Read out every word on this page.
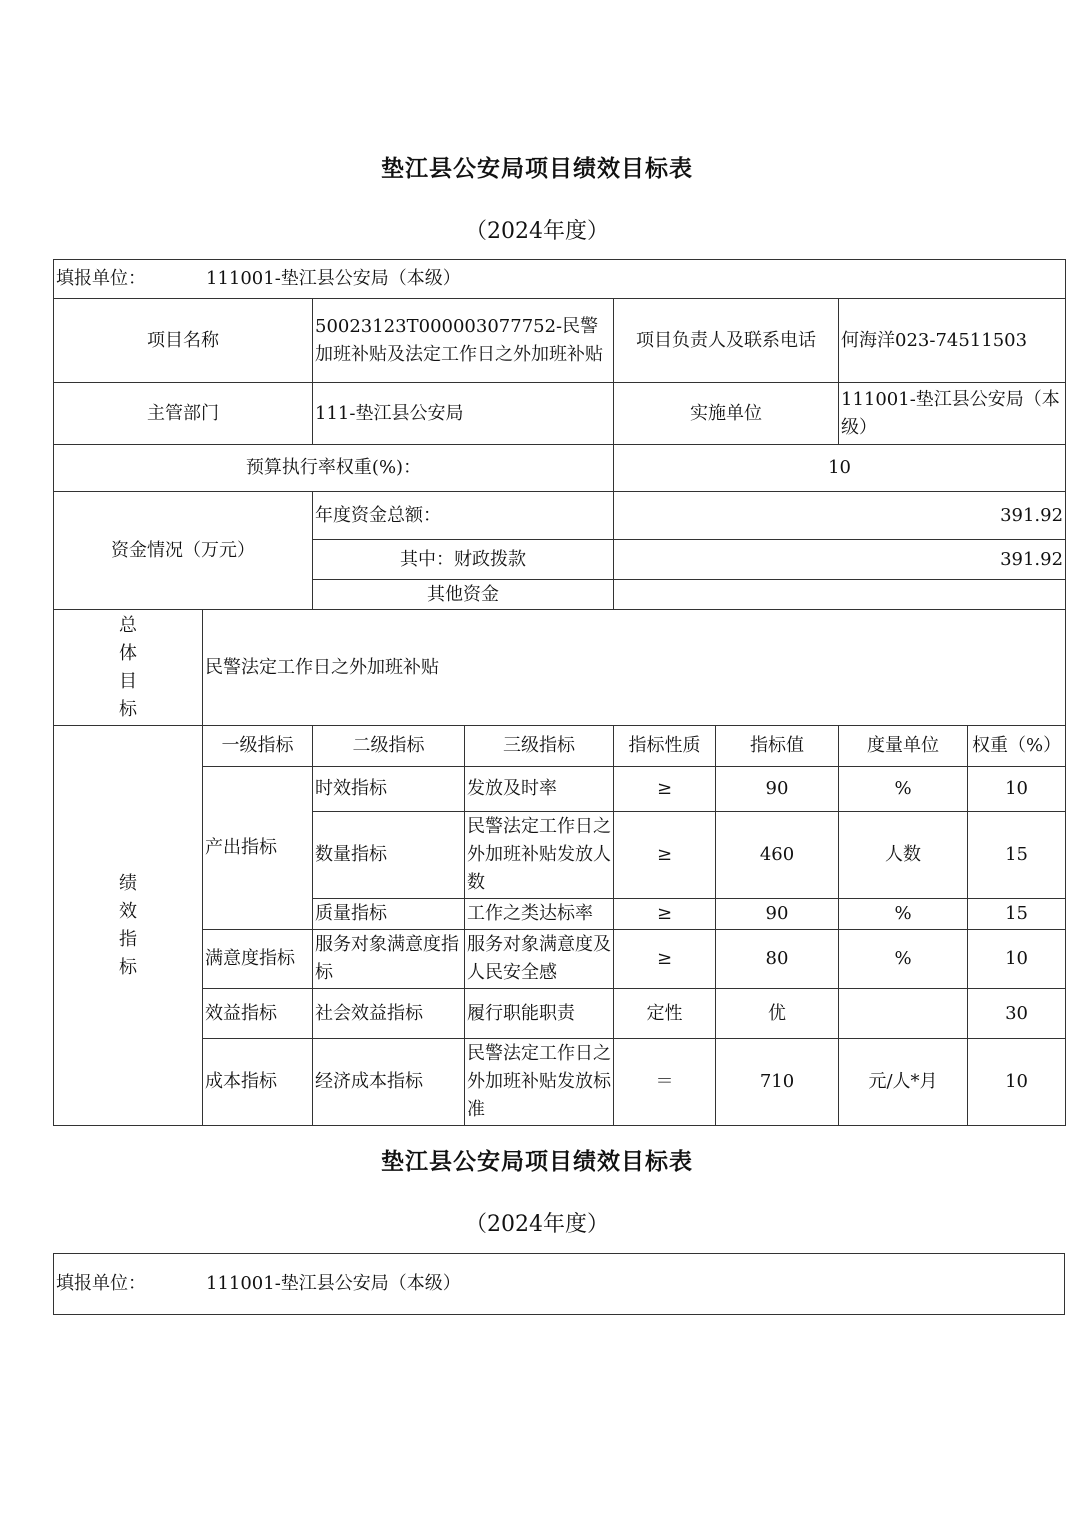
垫江县公安局项目绩效目标表
（2024年度）
填报单位： 111001-垫江县公安局（本级）							
项目名称		50023123T000003077752-民警加班补贴及法定工作日之外加班补贴		项目负责人及联系电话		何海洋023-74511503	
主管部门		111-垫江县公安局		实施单位		111001-垫江县公安局（本级）	
预算执行率权重(%)：				10			

资金情况（万元）		年度资金总额：		391.92			
		其中：财政拨款		391.92			
		其他资金					

总体目标	民警法定工作日之外加班补贴						

绩效指标	一级指标	二级指标	三级指标	指标性质	指标值	度量单位	权重（%）
	产出指标	时效指标	发放及时率	≥	90	%	10
		数量指标	民警法定工作日之外加班补贴发放人数	≥	460	人数	15
		质量指标	工作之类达标率	≥	90	%	15
	满意度指标	服务对象满意度指标	服务对象满意度及人民安全感	≥	80	%	10
	效益指标	社会效益指标	履行职能职责	定性	优		30
	成本指标	经济成本指标	民警法定工作日之外加班补贴发放标准	＝	710	元/人*月	10
垫江县公安局项目绩效目标表
（2024年度）
填报单位：	111001-垫江县公安局（本级）
